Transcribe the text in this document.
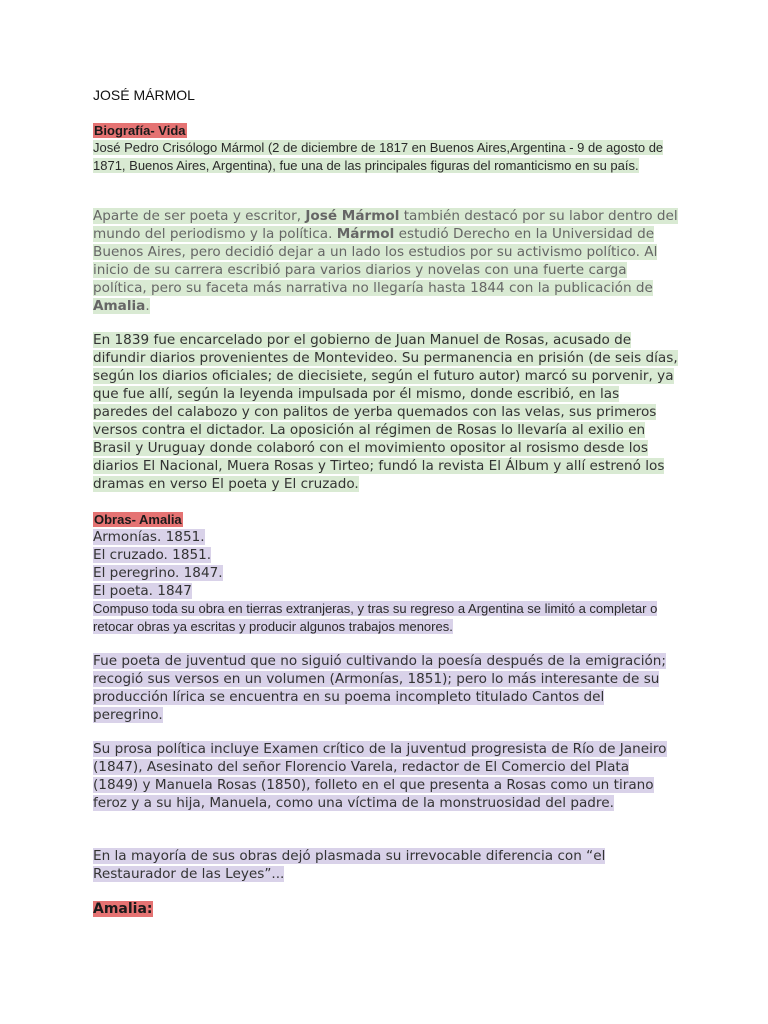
JOSÉ MÁRMOL
Biografía- Vida
José Pedro Crisólogo Mármol (2 de diciembre de 1817 en Buenos Aires,Argentina - 9 de agosto de 1871, Buenos Aires, Argentina), fue una de las principales figuras del romanticismo en su país.
Aparte de ser poeta y escritor, José Mármol también destacó por su labor dentro del mundo del periodismo y la política. Mármol estudió Derecho en la Universidad de Buenos Aires, pero decidió dejar a un lado los estudios por su activismo político. Al inicio de su carrera escribió para varios diarios y novelas con una fuerte carga política, pero su faceta más narrativa no llegaría hasta 1844 con la publicación de Amalia.
En 1839 fue encarcelado por el gobierno de Juan Manuel de Rosas, acusado de difundir diarios provenientes de Montevideo. Su permanencia en prisión (de seis días, según los diarios oficiales; de diecisiete, según el futuro autor) marcó su porvenir, ya que fue allí, según la leyenda impulsada por él mismo, donde escribió, en las paredes del calabozo y con palitos de yerba quemados con las velas, sus primeros versos contra el dictador. La oposición al régimen de Rosas lo llevaría al exilio en Brasil y Uruguay donde colaboró con el movimiento opositor al rosismo desde los diarios El Nacional, Muera Rosas y Tirteo; fundó la revista El Álbum y allí estrenó los dramas en verso El poeta y El cruzado.
Obras- Amalia
Armonías. 1851.
El cruzado. 1851.
El peregrino. 1847.
El poeta. 1847
Compuso toda su obra en tierras extranjeras, y tras su regreso a Argentina se limitó a completar o retocar obras ya escritas y producir algunos trabajos menores.
Fue poeta de juventud que no siguió cultivando la poesía después de la emigración; recogió sus versos en un volumen (Armonías, 1851); pero lo más interesante de su producción lírica se encuentra en su poema incompleto titulado Cantos del peregrino.
Su prosa política incluye Examen crítico de la juventud progresista de Río de Janeiro (1847), Asesinato del señor Florencio Varela, redactor de El Comercio del Plata (1849) y Manuela Rosas (1850), folleto en el que presenta a Rosas como un tirano feroz y a su hija, Manuela, como una víctima de la monstruosidad del padre.
En la mayoría de sus obras dejó plasmada su irrevocable diferencia con “el Restaurador de las Leyes”...
Amalia:
